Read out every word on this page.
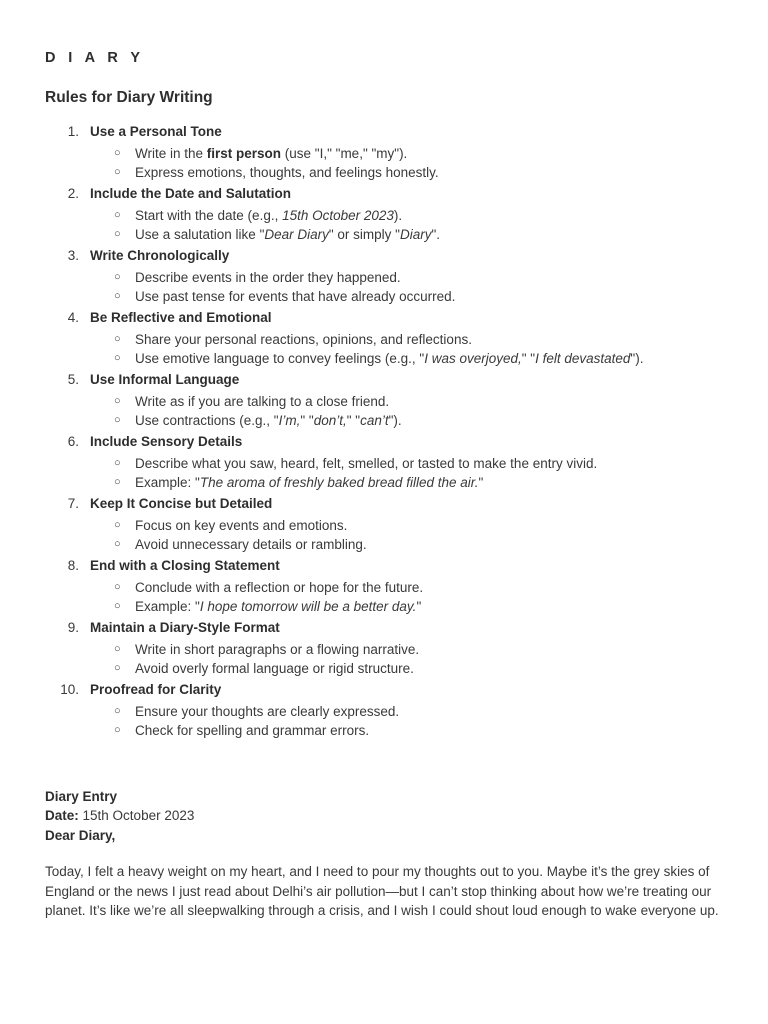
D I A R Y
Rules for Diary Writing
1. Use a Personal Tone
○ Write in the first person (use "I," "me," "my").
○ Express emotions, thoughts, and feelings honestly.
2. Include the Date and Salutation
○ Start with the date (e.g., 15th October 2023).
○ Use a salutation like "Dear Diary" or simply "Diary".
3. Write Chronologically
○ Describe events in the order they happened.
○ Use past tense for events that have already occurred.
4. Be Reflective and Emotional
○ Share your personal reactions, opinions, and reflections.
○ Use emotive language to convey feelings (e.g., "I was overjoyed," "I felt devastated").
5. Use Informal Language
○ Write as if you are talking to a close friend.
○ Use contractions (e.g., "I’m," "don’t," "can’t").
6. Include Sensory Details
○ Describe what you saw, heard, felt, smelled, or tasted to make the entry vivid.
○ Example: "The aroma of freshly baked bread filled the air."
7. Keep It Concise but Detailed
○ Focus on key events and emotions.
○ Avoid unnecessary details or rambling.
8. End with a Closing Statement
○ Conclude with a reflection or hope for the future.
○ Example: "I hope tomorrow will be a better day."
9. Maintain a Diary-Style Format
○ Write in short paragraphs or a flowing narrative.
○ Avoid overly formal language or rigid structure.
10. Proofread for Clarity
○ Ensure your thoughts are clearly expressed.
○ Check for spelling and grammar errors.
Diary Entry
Date: 15th October 2023
Dear Diary,
Today, I felt a heavy weight on my heart, and I need to pour my thoughts out to you. Maybe it’s the grey skies of England or the news I just read about Delhi’s air pollution—but I can’t stop thinking about how we’re treating our planet. It’s like we’re all sleepwalking through a crisis, and I wish I could shout loud enough to wake everyone up.
